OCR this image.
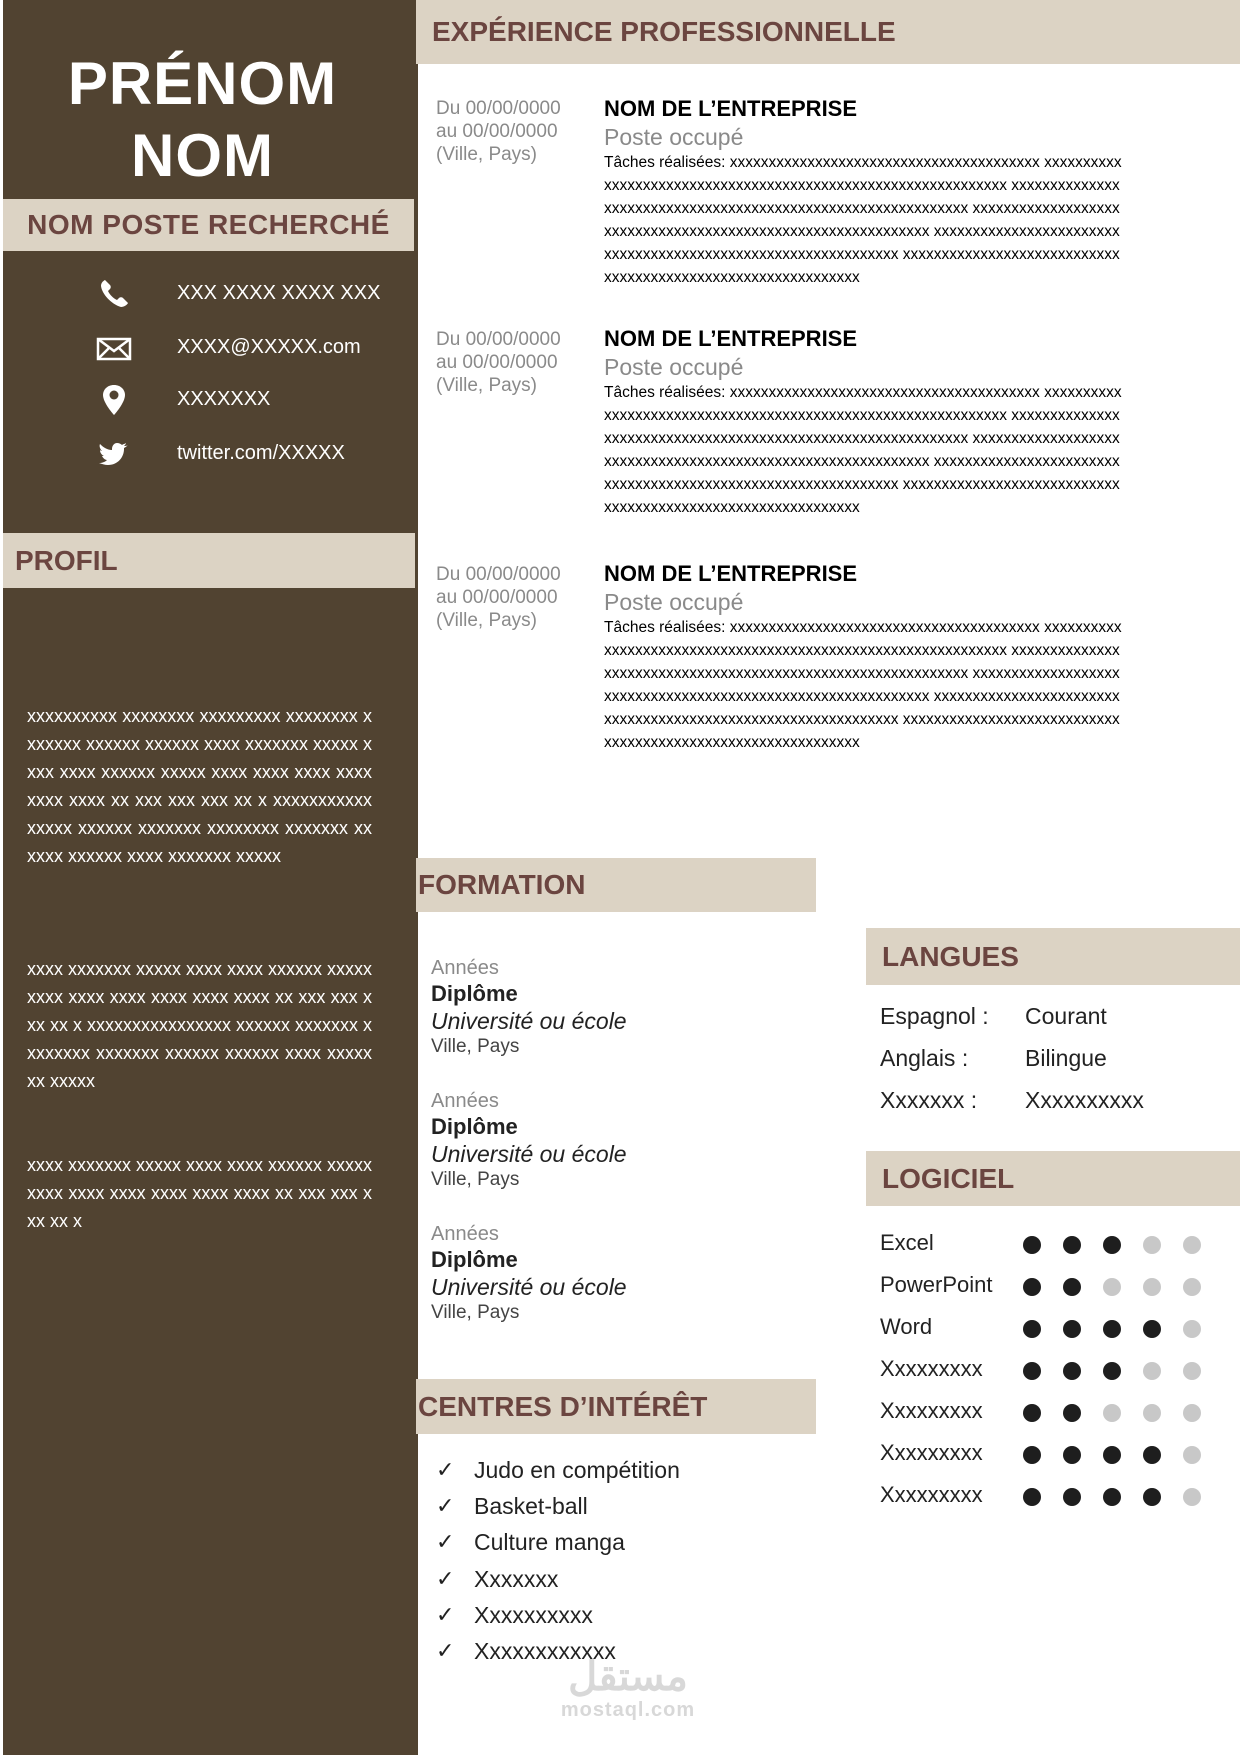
PRÉNOM
NOM
NOM POSTE RECHERCHÉ
XXX XXXX XXXX XXX
XXXX@XXXXX.com
XXXXXXX
twitter.com/XXXXX
PROFIL
xxxxxxxxxx xxxxxxxx xxxxxxxxx xxxxxxxx xxxxxxx xxxxxx xxxxxx xxxx xxxxxxx xxxxx xxxx xxxx xxxxxx xxxxx xxxx xxxx xxxx xxxx xxxx xxxx xx xxx xxx xxx xx x xxxxxxxxxxxxxxxx xxxxxx xxxxxxx xxxxxxxx xxxxxxx xxxxxx xxxxxx xxxx xxxxxxx xxxxx
xxxx xxxxxxx xxxxx xxxx xxxx xxxxxx xxxxx xxxx xxxx xxxx xxxx xxxx xxxx xx xxx xxx xxx xx x xxxxxxxxxxxxxxxx xxxxxx xxxxxxx xxxxxxxx xxxxxxx xxxxxx xxxxxx xxxx xxxxxxx xxxxx
xxxx xxxxxxx xxxxx xxxx xxxx xxxxxx xxxxx xxxx xxxx xxxx xxxx xxxx xxxx xx xxx xxx xxx xx x
EXPÉRIENCE PROFESSIONNELLE
Du 00/00/0000
au 00/00/0000
(Ville, Pays)
NOM DE L’ENTREPRISE
Poste occupé
Tâches réalisées: xxxxxxxxxxxxxxxxxxxxxxxxxxxxxxxxxxxxxxxx xxxxxxxxxxxxxxxxxxxxxxxxxxxxxxxxxxxxxxxxxxxxxxxxxxxxxxxxxxxxxx xxxxxxxxxxxxxxxxxxxxxxxxxxxxxxxxxxxxxxxxxxxxxxxxxxxxxxxxxxxxx xxxxxxxxxxxxxxxxxxxxxxxxxxxxxxxxxxxxxxxxxxxxxxxxxxxxxxxxxxxxx xxxxxxxxxxxxxxxxxxxxxxxxxxxxxxxxxxxxxxxxxxxxxxxxxxxxxxxxxxxxxx xxxxxxxxxxxxxxxxxxxxxxxxxxxxxxxxxxxxxxxxxxxxxxxxxxxxxxxxxxxxx
Du 00/00/0000
au 00/00/0000
(Ville, Pays)
NOM DE L’ENTREPRISE
Poste occupé
Tâches réalisées: xxxxxxxxxxxxxxxxxxxxxxxxxxxxxxxxxxxxxxxx xxxxxxxxxxxxxxxxxxxxxxxxxxxxxxxxxxxxxxxxxxxxxxxxxxxxxxxxxxxxxx xxxxxxxxxxxxxxxxxxxxxxxxxxxxxxxxxxxxxxxxxxxxxxxxxxxxxxxxxxxxx xxxxxxxxxxxxxxxxxxxxxxxxxxxxxxxxxxxxxxxxxxxxxxxxxxxxxxxxxxxxx xxxxxxxxxxxxxxxxxxxxxxxxxxxxxxxxxxxxxxxxxxxxxxxxxxxxxxxxxxxxxx xxxxxxxxxxxxxxxxxxxxxxxxxxxxxxxxxxxxxxxxxxxxxxxxxxxxxxxxxxxxx
Du 00/00/0000
au 00/00/0000
(Ville, Pays)
NOM DE L’ENTREPRISE
Poste occupé
Tâches réalisées: xxxxxxxxxxxxxxxxxxxxxxxxxxxxxxxxxxxxxxxx xxxxxxxxxxxxxxxxxxxxxxxxxxxxxxxxxxxxxxxxxxxxxxxxxxxxxxxxxxxxxx xxxxxxxxxxxxxxxxxxxxxxxxxxxxxxxxxxxxxxxxxxxxxxxxxxxxxxxxxxxxx xxxxxxxxxxxxxxxxxxxxxxxxxxxxxxxxxxxxxxxxxxxxxxxxxxxxxxxxxxxxx xxxxxxxxxxxxxxxxxxxxxxxxxxxxxxxxxxxxxxxxxxxxxxxxxxxxxxxxxxxxxx xxxxxxxxxxxxxxxxxxxxxxxxxxxxxxxxxxxxxxxxxxxxxxxxxxxxxxxxxxxxx
FORMATION
Années
Diplôme
Université ou école
Ville, Pays
Années
Diplôme
Université ou école
Ville, Pays
Années
Diplôme
Université ou école
Ville, Pays
CENTRES D’INTÉRÊT
✓ Judo en compétition
✓ Basket-ball
✓ Culture manga
✓ Xxxxxxx
✓ Xxxxxxxxxx
✓ Xxxxxxxxxxxx
LANGUES
Espagnol : Courant
Anglais : Bilingue
Xxxxxxx : Xxxxxxxxxx
LOGICIEL
Excel
PowerPoint
Word
Xxxxxxxxx
Xxxxxxxxx
Xxxxxxxxx
Xxxxxxxxx
مستقل
mostaql.com
